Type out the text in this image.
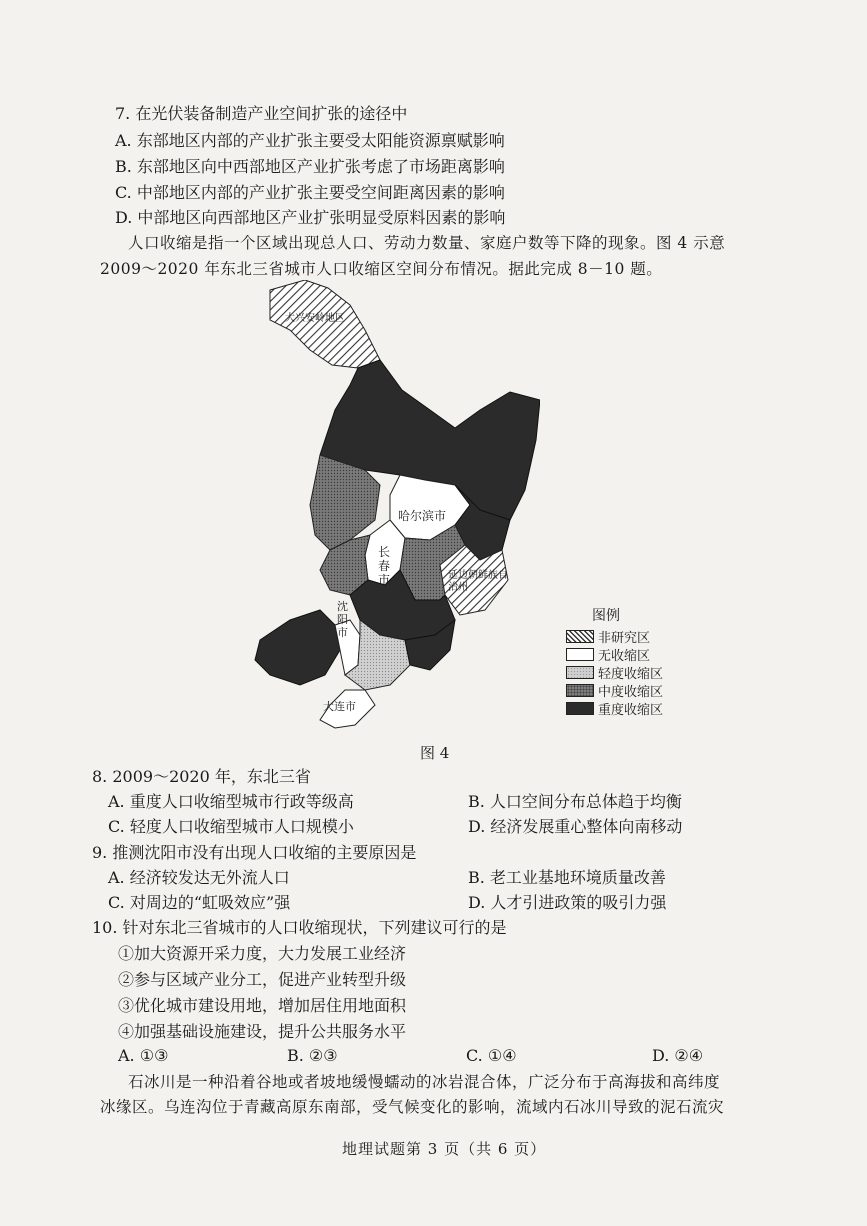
7. 在光伏装备制造产业空间扩张的途径中
A. 东部地区内部的产业扩张主要受太阳能资源禀赋影响
B. 东部地区向中西部地区产业扩张考虑了市场距离影响
C. 中部地区内部的产业扩张主要受空间距离因素的影响
D. 中部地区向西部地区产业扩张明显受原料因素的影响
人口收缩是指一个区域出现总人口、劳动力数量、家庭户数等下降的现象。图 4 示意
2009～2020 年东北三省城市人口收缩区空间分布情况。据此完成 8－10 题。
大兴安岭地区
哈尔滨市
长春市	延边朝鲜族自治州
沈阳市
大连市
图例
非研究区
无收缩区
轻度收缩区
中度收缩区
重度收缩区
图 4
8. 2009～2020 年，东北三省
A. 重度人口收缩型城市行政等级高	B. 人口空间分布总体趋于均衡
C. 轻度人口收缩型城市人口规模小	D. 经济发展重心整体向南移动
9. 推测沈阳市没有出现人口收缩的主要原因是
A. 经济较发达无外流人口	B. 老工业基地环境质量改善
C. 对周边的“虹吸效应”强	D. 人才引进政策的吸引力强
10. 针对东北三省城市的人口收缩现状，下列建议可行的是
①加大资源开采力度，大力发展工业经济
②参与区域产业分工，促进产业转型升级
③优化城市建设用地，增加居住用地面积
④加强基础设施建设，提升公共服务水平
A. ①③	B. ②③	C. ①④	D. ②④
石冰川是一种沿着谷地或者坡地缓慢蠕动的冰岩混合体，广泛分布于高海拔和高纬度
冰缘区。乌连沟位于青藏高原东南部，受气候变化的影响，流域内石冰川导致的泥石流灾
地理试题第 3 页（共 6 页）
